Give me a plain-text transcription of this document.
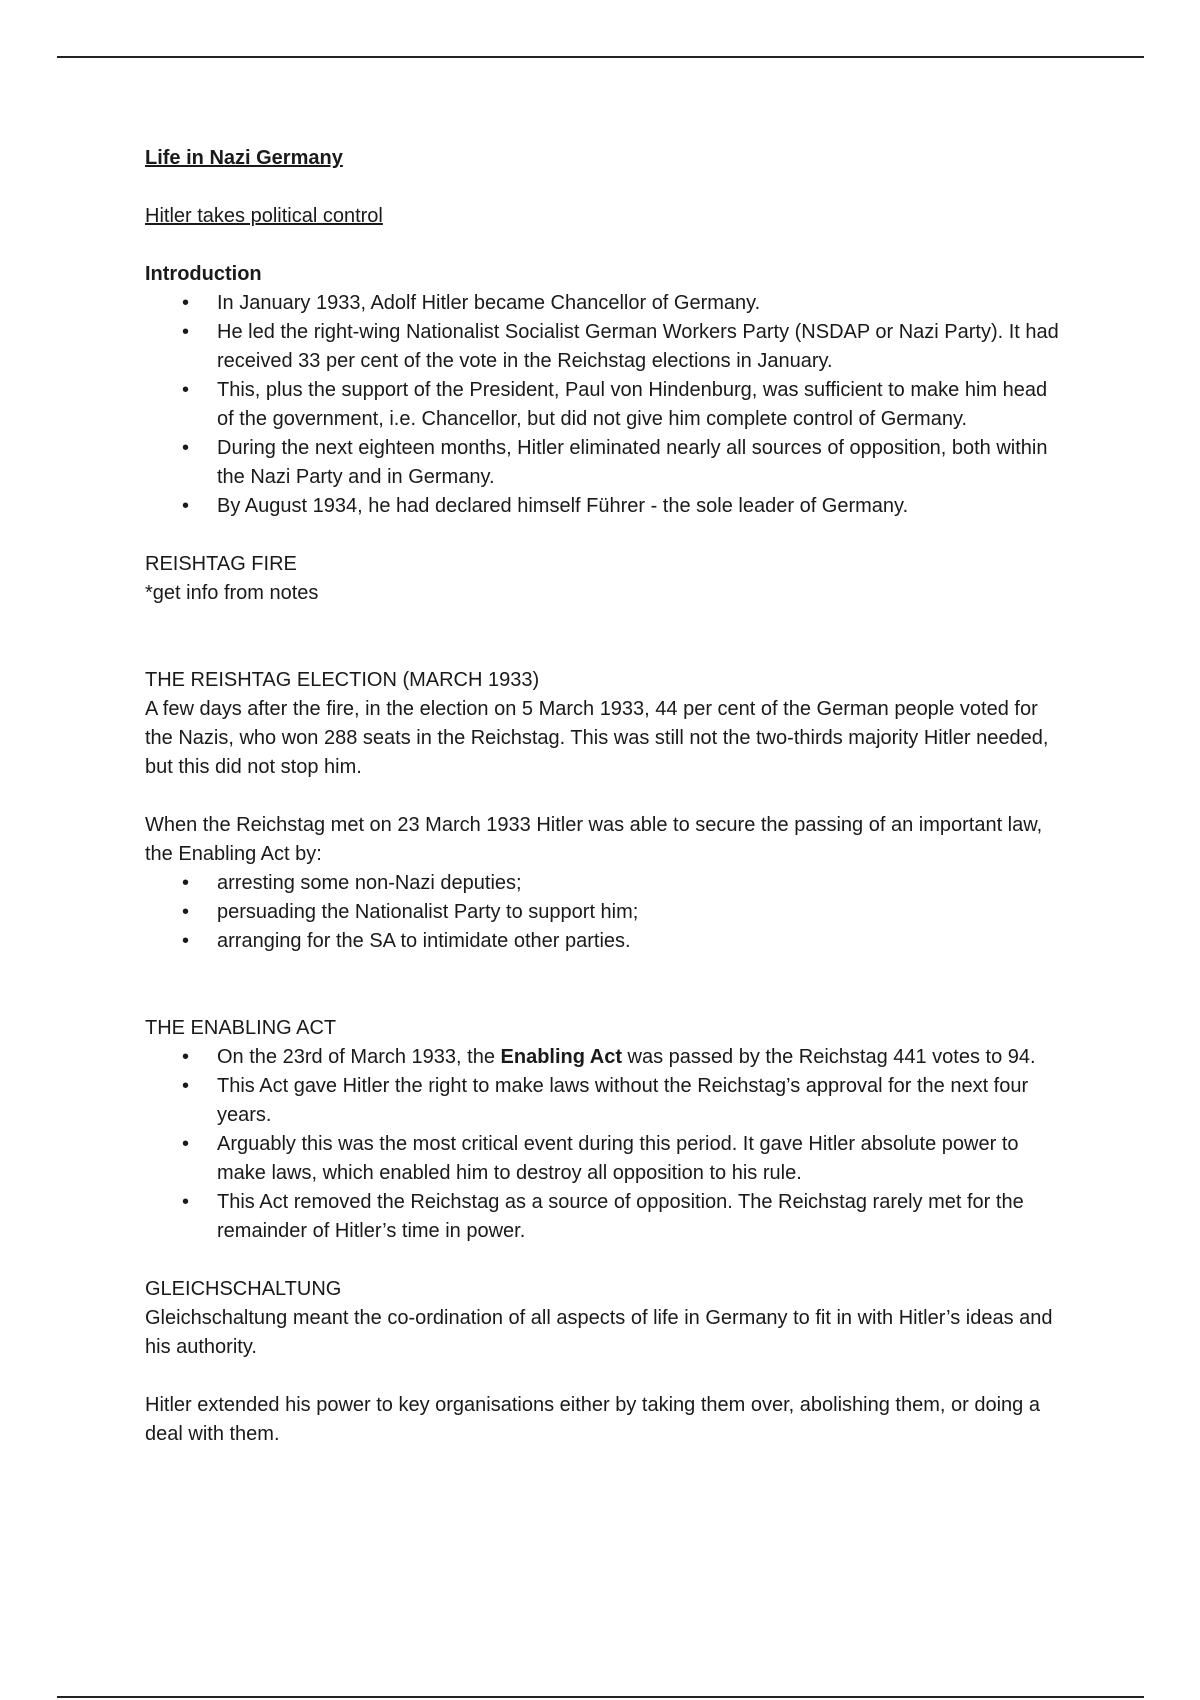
Life in Nazi Germany

Hitler takes political control

Introduction

• In January 1933, Adolf Hitler became Chancellor of Germany.
• He led the right-wing Nationalist Socialist German Workers Party (NSDAP or Nazi Party). It had received 33 per cent of the vote in the Reichstag elections in January.
• This, plus the support of the President, Paul von Hindenburg, was sufficient to make him head of the government, i.e. Chancellor, but did not give him complete control of Germany.
• During the next eighteen months, Hitler eliminated nearly all sources of opposition, both within the Nazi Party and in Germany.
• By August 1934, he had declared himself Führer - the sole leader of Germany.

REISHTAG FIRE

*get info from notes

THE REISHTAG ELECTION (MARCH 1933)

A few days after the fire, in the election on 5 March 1933, 44 per cent of the German people voted for the Nazis, who won 288 seats in the Reichstag. This was still not the two-thirds majority Hitler needed, but this did not stop him.

When the Reichstag met on 23 March 1933 Hitler was able to secure the passing of an important law, the Enabling Act by:

• arresting some non-Nazi deputies;
• persuading the Nationalist Party to support him;
• arranging for the SA to intimidate other parties.

THE ENABLING ACT

• On the 23rd of March 1933, the Enabling Act was passed by the Reichstag 441 votes to 94.
• This Act gave Hitler the right to make laws without the Reichstag’s approval for the next four years.
• Arguably this was the most critical event during this period. It gave Hitler absolute power to make laws, which enabled him to destroy all opposition to his rule.
• This Act removed the Reichstag as a source of opposition. The Reichstag rarely met for the remainder of Hitler’s time in power.

GLEICHSCHALTUNG

Gleichschaltung meant the co-ordination of all aspects of life in Germany to fit in with Hitler’s ideas and his authority.

Hitler extended his power to key organisations either by taking them over, abolishing them, or doing a deal with them.
